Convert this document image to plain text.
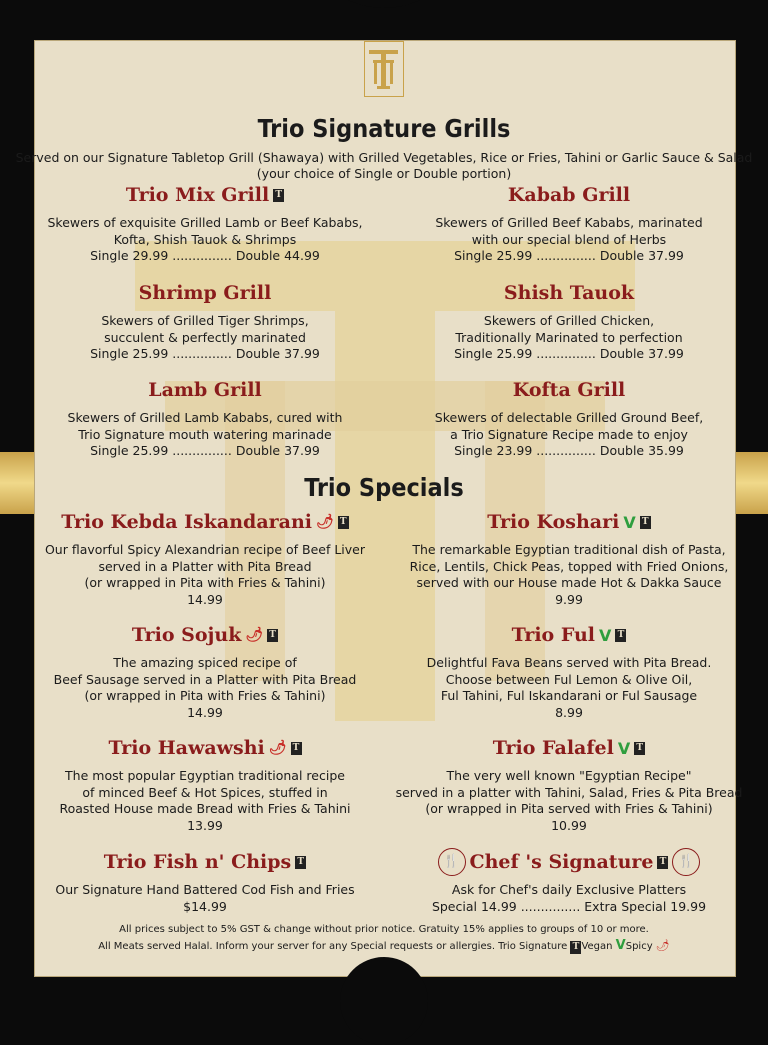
Trio Signature Grills
Served on our Signature Tabletop Grill (Shawaya) with Grilled Vegetables, Rice or Fries, Tahini or Garlic Sauce & Salad
(your choice of Single or Double portion)
Trio Mix Grill T
Skewers of exquisite Grilled Lamb or Beef Kababs,
Kofta, Shish Tauok & Shrimps
Single 29.99 ............... Double 44.99
Kabab Grill
Skewers of Grilled Beef Kababs, marinated
with our special blend of Herbs
Single 25.99 ............... Double 37.99
Shrimp Grill
Skewers of Grilled Tiger Shrimps,
succulent & perfectly marinated
Single 25.99 ............... Double 37.99
Shish Tauok
Skewers of Grilled Chicken,
Traditionally Marinated to perfection
Single 25.99 ............... Double 37.99
Lamb Grill
Skewers of Grilled Lamb Kababs, cured with
Trio Signature mouth watering marinade
Single 25.99 ............... Double 37.99
Kofta Grill
Skewers of delectable Grilled Ground Beef,
a Trio Signature Recipe made to enjoy
Single 23.99 ............... Double 35.99
Trio Specials
Trio Kebda Iskandarani 🌶 T
Our flavorful Spicy Alexandrian recipe of Beef Liver
served in a Platter with Pita Bread
(or wrapped in Pita with Fries & Tahini)
14.99
Trio Koshari V T
The remarkable Egyptian traditional dish of Pasta,
Rice, Lentils, Chick Peas, topped with Fried Onions,
served with our House made Hot & Dakka Sauce
9.99
Trio Sojuk 🌶 T
The amazing spiced recipe of
Beef Sausage served in a Platter with Pita Bread
(or wrapped in Pita with Fries & Tahini)
14.99
Trio Ful V T
Delightful Fava Beans served with Pita Bread.
Choose between Ful Lemon & Olive Oil,
Ful Tahini, Ful Iskandarani or Ful Sausage
8.99
Trio Hawawshi 🌶 T
The most popular Egyptian traditional recipe
of minced Beef & Hot Spices, stuffed in
Roasted House made Bread with Fries & Tahini
13.99
Trio Falafel V T
The very well known "Egyptian Recipe"
served in a platter with Tahini, Salad, Fries & Pita Bread
(or wrapped in Pita served with Fries & Tahini)
10.99
Trio Fish n' Chips T
Our Signature Hand Battered Cod Fish and Fries
$14.99
🍴 Chef 's Signature T 🍴
Ask for Chef's daily Exclusive Platters
Special 14.99 ............... Extra Special 19.99
All prices subject to 5% GST & change without prior notice. Gratuity 15% applies to groups of 10 or more.
All Meats served Halal. Inform your server for any Special requests or allergies. Trio Signature T Vegan VSpicy 🌶
